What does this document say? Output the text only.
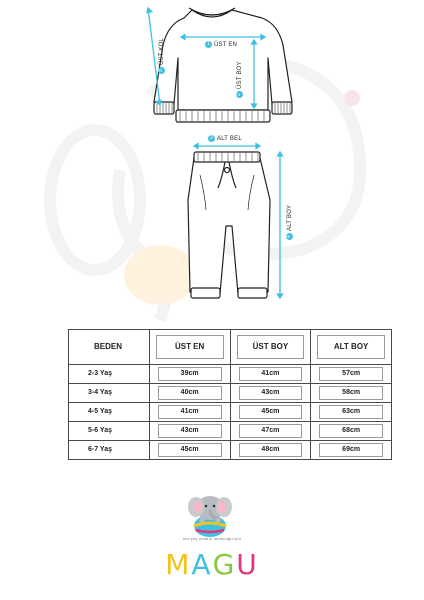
1 ÜST EN
2
ÜST BOY
3
ÜST KOL
3 ALT BEL
4
ALT BOY
BEDEN	ÜST EN	ÜST BOY	ALT BOY

2-3 Yaş	39cm	41cm	57cm

3-4 Yaş	40cm	43cm	58cm

4-5 Yaş	41cm	45cm	63cm

5-6 Yaş	43cm	47cm	68cm

6-7 Yaş	45cm	48cm	69cm
her şey onların mutluluğu için
MAGU
